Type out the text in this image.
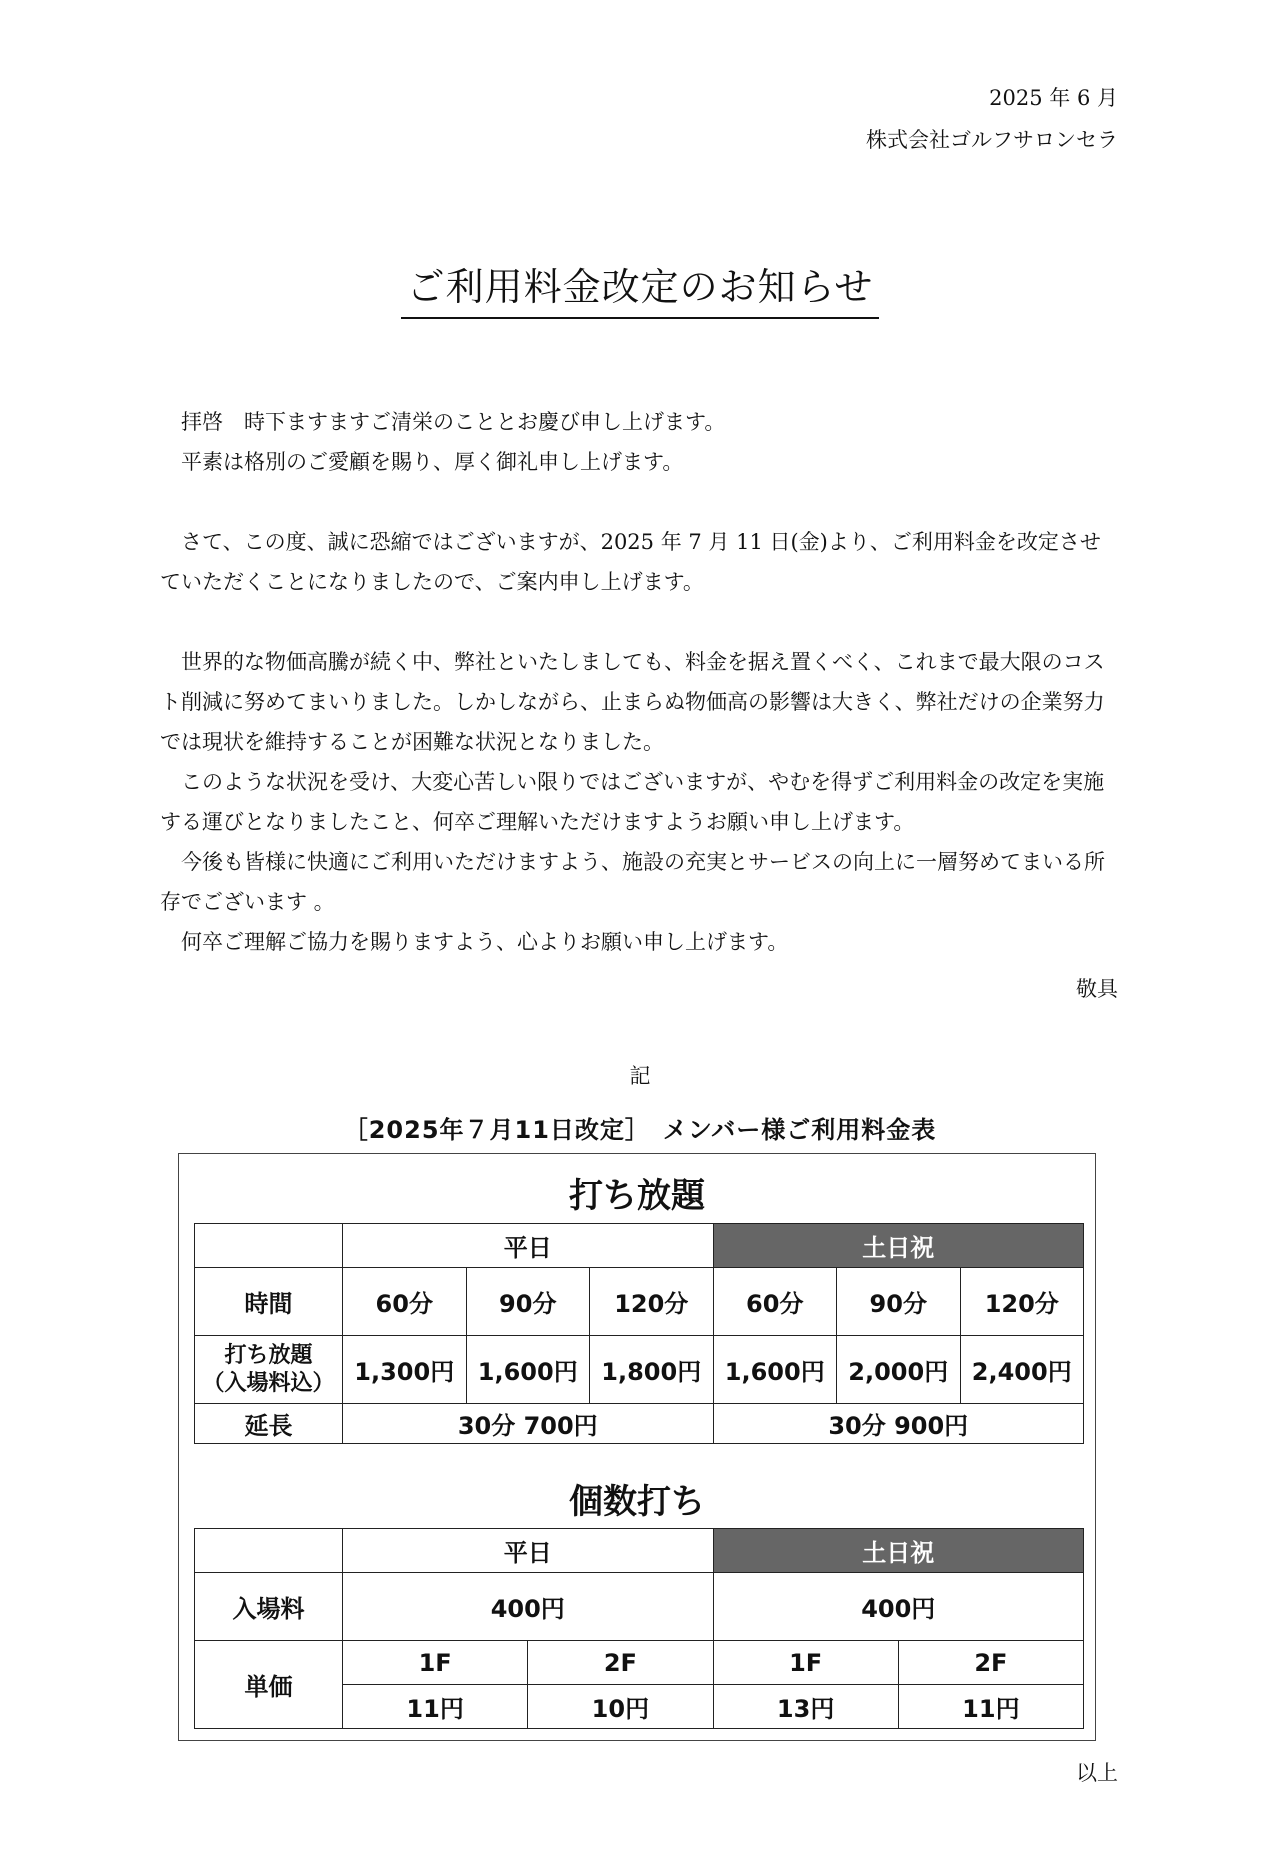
2025 年 6 月
株式会社ゴルフサロンセラ
ご利用料金改定のお知らせ

拝啓　時下ますますご清栄のこととお慶び申し上げます。

平素は格別のご愛顧を賜り、厚く御礼申し上げます。

さて、この度、誠に恐縮ではございますが、2025 年 7 月 11 日(金)より、ご利用料金を改定させていただくことになりましたので、ご案内申し上げます。

世界的な物価高騰が続く中、弊社といたしましても、料金を据え置くべく、これまで最大限のコスト削減に努めてまいりました。しかしながら、止まらぬ物価高の影響は大きく、弊社だけの企業努力では現状を維持することが困難な状況となりました。

このような状況を受け、大変心苦しい限りではございますが、やむを得ずご利用料金の改定を実施する運びとなりましたこと、何卒ご理解いただけますようお願い申し上げます。

今後も皆様に快適にご利用いただけますよう、施設の充実とサービスの向上に一層努めてまいる所存でございます 。

何卒ご理解ご協力を賜りますよう、心よりお願い申し上げます。

敬具
記
［2025年７月11日改定］　メンバー様ご利用料金表
打ち放題
	平日			土日祝		
時間	60分	90分	120分	60分	90分	120分

打ち放題
（入場料込）	1,300円	1,600円	1,800円	1,600円	2,000円	2,400円
延長	30分 700円			30分 900円		
個数打ち
	平日		土日祝	
入場料	400円		400円	
単価	1F	2F	1F	2F
	11円	10円	13円	11円
以上
